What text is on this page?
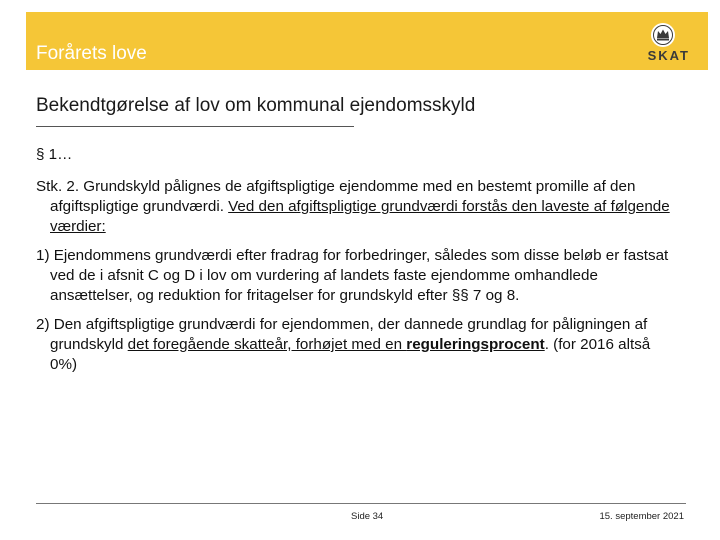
Forårets love	SKAT
Bekendtgørelse af lov om kommunal ejendomsskyld

§ 1…

Stk. 2. Grundskyld pålignes de afgiftspligtige ejendomme med en bestemt promille af den afgiftspligtige grundværdi. Ved den afgiftspligtige grundværdi forstås den laveste af følgende værdier:

1) Ejendommens grundværdi efter fradrag for forbedringer, således som disse beløb er fastsat ved de i afsnit C og D i lov om vurdering af landets faste ejendomme omhandlede ansættelser, og reduktion for fritagelser for grundskyld efter §§ 7 og 8.

2) Den afgiftspligtige grundværdi for ejendommen, der dannede grundlag for påligningen af grundskyld det foregående skatteår, forhøjet med en reguleringsprocent. (for 2016 altså 0%)

Side 34	15. september 2021
